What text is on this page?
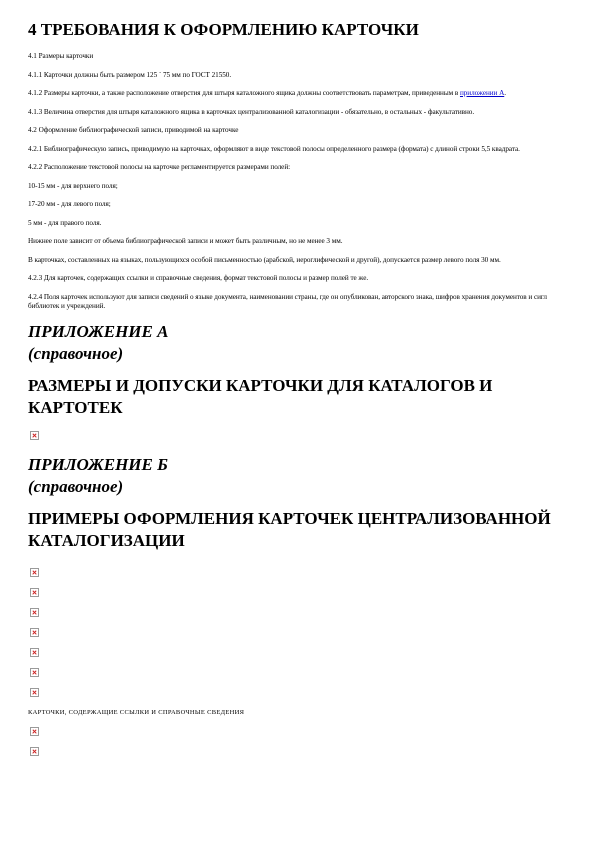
4 ТРЕБОВАНИЯ К ОФОРМЛЕНИЮ КАРТОЧКИ

4.1 Размеры карточки

4.1.1 Карточки должны быть размером 125 ´ 75 мм по ГОСТ 21550.

4.1.2 Размеры карточки, а также расположение отверстия для штыря каталожного ящика должны соответствовать параметрам, приведенным в приложении А.

4.1.3 Величина отверстия для штыря каталожного ящика в карточках централизованной каталогизации - обязательно, в остальных - факультативно.

4.2 Оформление библиографической записи, приводимой на карточке

4.2.1 Библиографическую запись, приводимую на карточках, оформляют в виде текстовой полосы определенного размера (формата) с длиной строки 5,5 квадрата.

4.2.2 Расположение текстовой полосы на карточке регламентируется размерами полей:

10-15 мм - для верхнего поля;

17-20 мм - для левого поля;

5 мм - для правого поля.

Нижнее поле зависит от объема библиографической записи и может быть различным, но не менее 3 мм.

В карточках, составленных на языках, пользующихся особой письменностью (арабской, иероглифической и другой), допускается размер левого поля 30 мм.

4.2.3 Для карточек, содержащих ссылки и справочные сведения, формат текстовой полосы и размер полей те же.

4.2.4 Поля карточек используют для записи сведений о языке документа, наименовании страны, где он опубликован, авторского знака, шифров хранения документов и сигл библиотек и учреждений.

ПРИЛОЖЕНИЕ А
(справочное)
РАЗМЕРЫ И ДОПУСКИ КАРТОЧКИ ДЛЯ КАТАЛОГОВ И КАРТОТЕК
ПРИЛОЖЕНИЕ Б
(справочное)
ПРИМЕРЫ ОФОРМЛЕНИЯ КАРТОЧЕК ЦЕНТРАЛИЗОВАННОЙ КАТАЛОГИЗАЦИИ
КАРТОЧКИ, СОДЕРЖАЩИЕ ССЫЛКИ И СПРАВОЧНЫЕ СВЕДЕНИЯ
